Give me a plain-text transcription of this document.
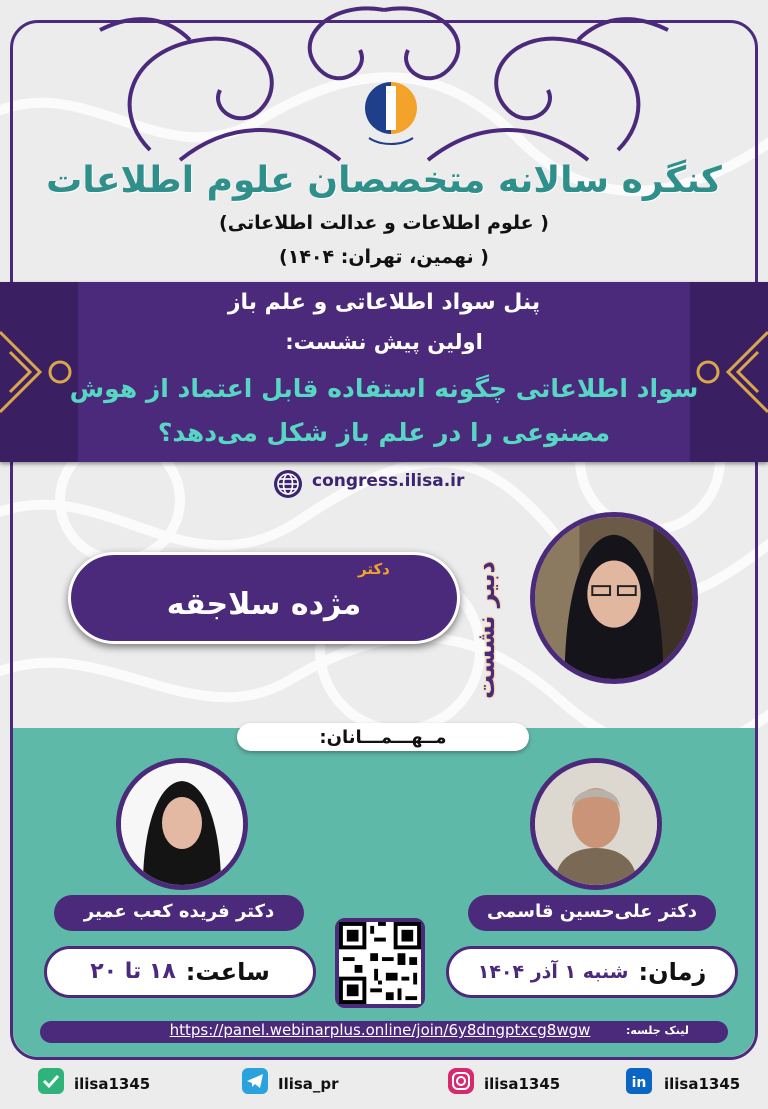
کنگره سالانه متخصصان علوم اطلاعات
( علوم اطلاعات و عدالت اطلاعاتی)
( نهمین، تهران: ۱۴۰۴)
پنل سواد اطلاعاتی و علم باز
اولین پیش نشست:
سواد اطلاعاتی چگونه استفاده قابل اعتماد از هوش
مصنوعی را در علم باز شکل می‌دهد؟
congress.ilisa.ir
دکتر
مژده سلاجقه	دبیر نشست
مــهـــمـــانان:
دکتر علی‌حسین قاسمی
دکتر فریده کعب عمیر
زمان:
شنبه ۱ آذر ۱۴۰۴
ساعت:
۱۸ تا ۲۰
https://panel.webinarplus.online/join/6y8dngptxcg8wgw	لینک جلسه:
ilisa1345	Ilisa_pr	ilisa1345	in ilisa1345
